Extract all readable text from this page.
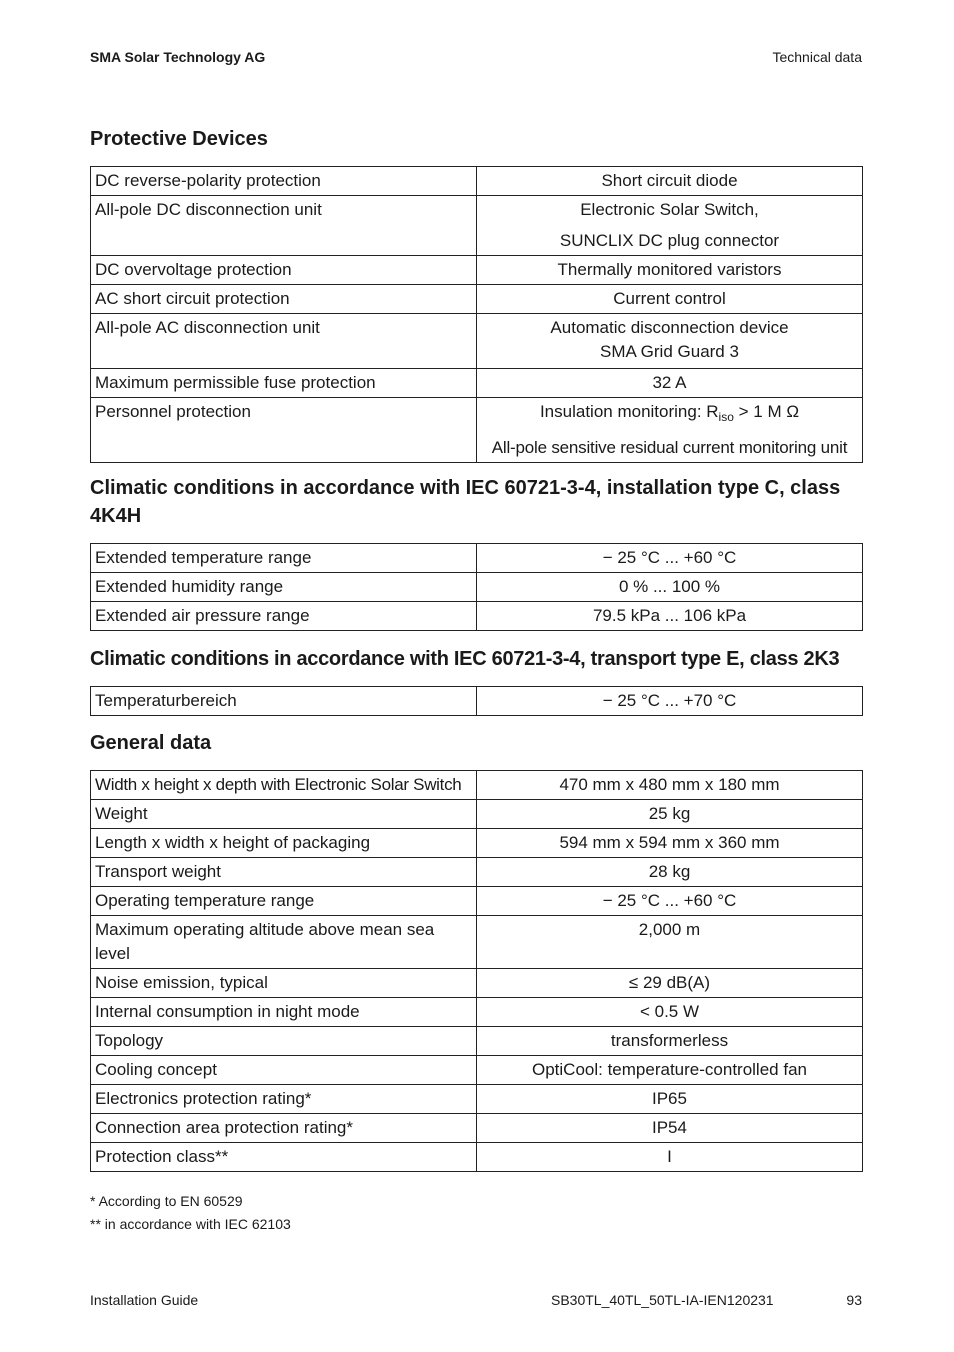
SMA Solar Technology AG	Technical data
Protective Devices
DC reverse-polarity protection	Short circuit diode
All-pole DC disconnection unit	Electronic Solar Switch,
SUNCLIX DC plug connector

DC overvoltage protection	Thermally monitored varistors
AC short circuit protection	Current control
All-pole AC disconnection unit	Automatic disconnection device
SMA Grid Guard 3

Maximum permissible fuse protection	32 A
Personnel protection	Insulation monitoring: $R_{iso} > 1$ M Ω
All-pole sensitive residual current monitoring unit
Climatic conditions in accordance with IEC 60721-3-4, installation type C, class 4K4H
Extended temperature range	− 25 °C ... +60 °C
Extended humidity range	0 % ... 100 %
Extended air pressure range	79.5 kPa ... 106 kPa
Climatic conditions in accordance with IEC 60721-3-4, transport type E, class 2K3
Temperaturbereich	− 25 °C ... +70 °C
General data
Width x height x depth with Electronic Solar Switch	470 mm x 480 mm x 180 mm
Weight	25 kg
Length x width x height of packaging	594 mm x 594 mm x 360 mm
Transport weight	28 kg
Operating temperature range	− 25 °C ... +60 °C
Maximum operating altitude above mean sea level	2,000 m
Noise emission, typical	≤ 29 dB(A)
Internal consumption in night mode	< 0.5 W
Topology	transformerless
Cooling concept	OptiCool: temperature-controlled fan
Electronics protection rating*	IP65
Connection area protection rating*	IP54
Protection class**	I
* According to EN 60529
** in accordance with IEC 62103
Installation Guide	SB30TL_40TL_50TL-IA-IEN120231	93
